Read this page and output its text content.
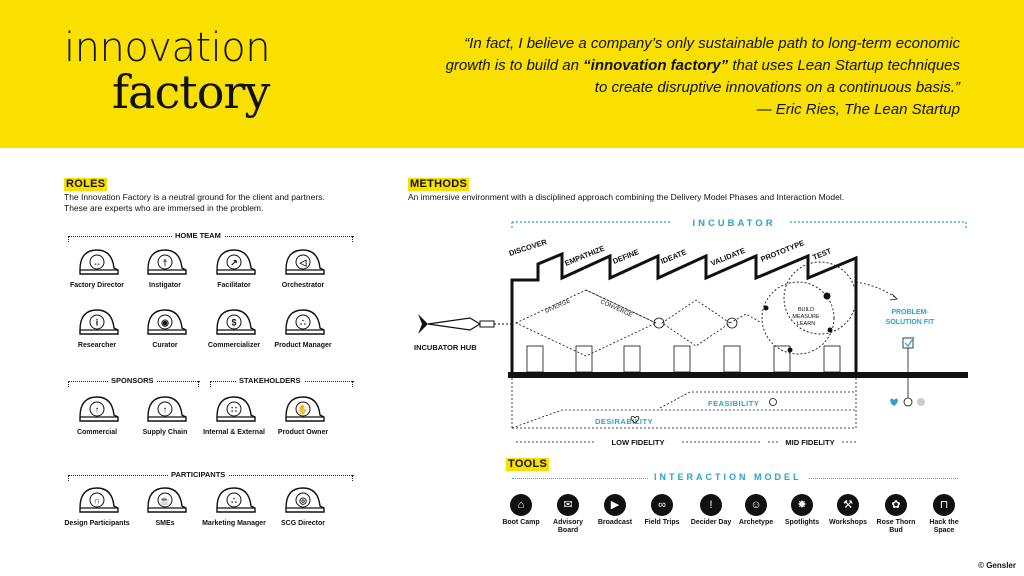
innovation
factory
“In fact, I believe a company’s only sustainable path to long-term economic growth is to build an “innovation factory” that uses Lean Startup techniques to create disruptive innovations on a continuous basis.”
— Eric Ries, The Lean Startup
ROLES
The Innovation Factory is a neutral ground for the client and partners.
These are experts who are immersed in the problem.
HOME TEAM
SPONSORS	STAKEHOLDERS
PARTICIPANTS
↔
Factory Director
†
Instigator
↗
Facilitator
◁
Orchestrator
i
Researcher
◉
Curator
$
Commercializer
∴
Product Manager
↑
Commercial
↑
Supply Chain
∷
Internal & External
✋
Product Owner
∩
Design Participants
☕
SMEs
∴
Marketing Manager
◎
SCG Director
METHODS
An immersive environment with a disciplined approach combining the Delivery Model Phases and Interaction Model.
INCUBATOR
DISCOVER EMPATHIZE DEFINE	IDEATE	VALIDATE PROTOTYPE TEST
DIVERGE	CONVERGE	BUILD
MEASURE
LEARN
PROBLEM-
SOLUTION FIT
INCUBATOR HUB
DESIRABILITY
FEASIBILITY
LOW FIDELITY	MID FIDELITY
TOOLS
INTERACTION MODEL
⌂
Boot Camp
✉
Advisory Board
▶
Broadcast
∞
Field Trips
!
Decider Day
☺
Archetype
✸
Spotlights
⚒
Workshops
✿
Rose Thorn Bud
⊓
Hack the Space
© Gensler
